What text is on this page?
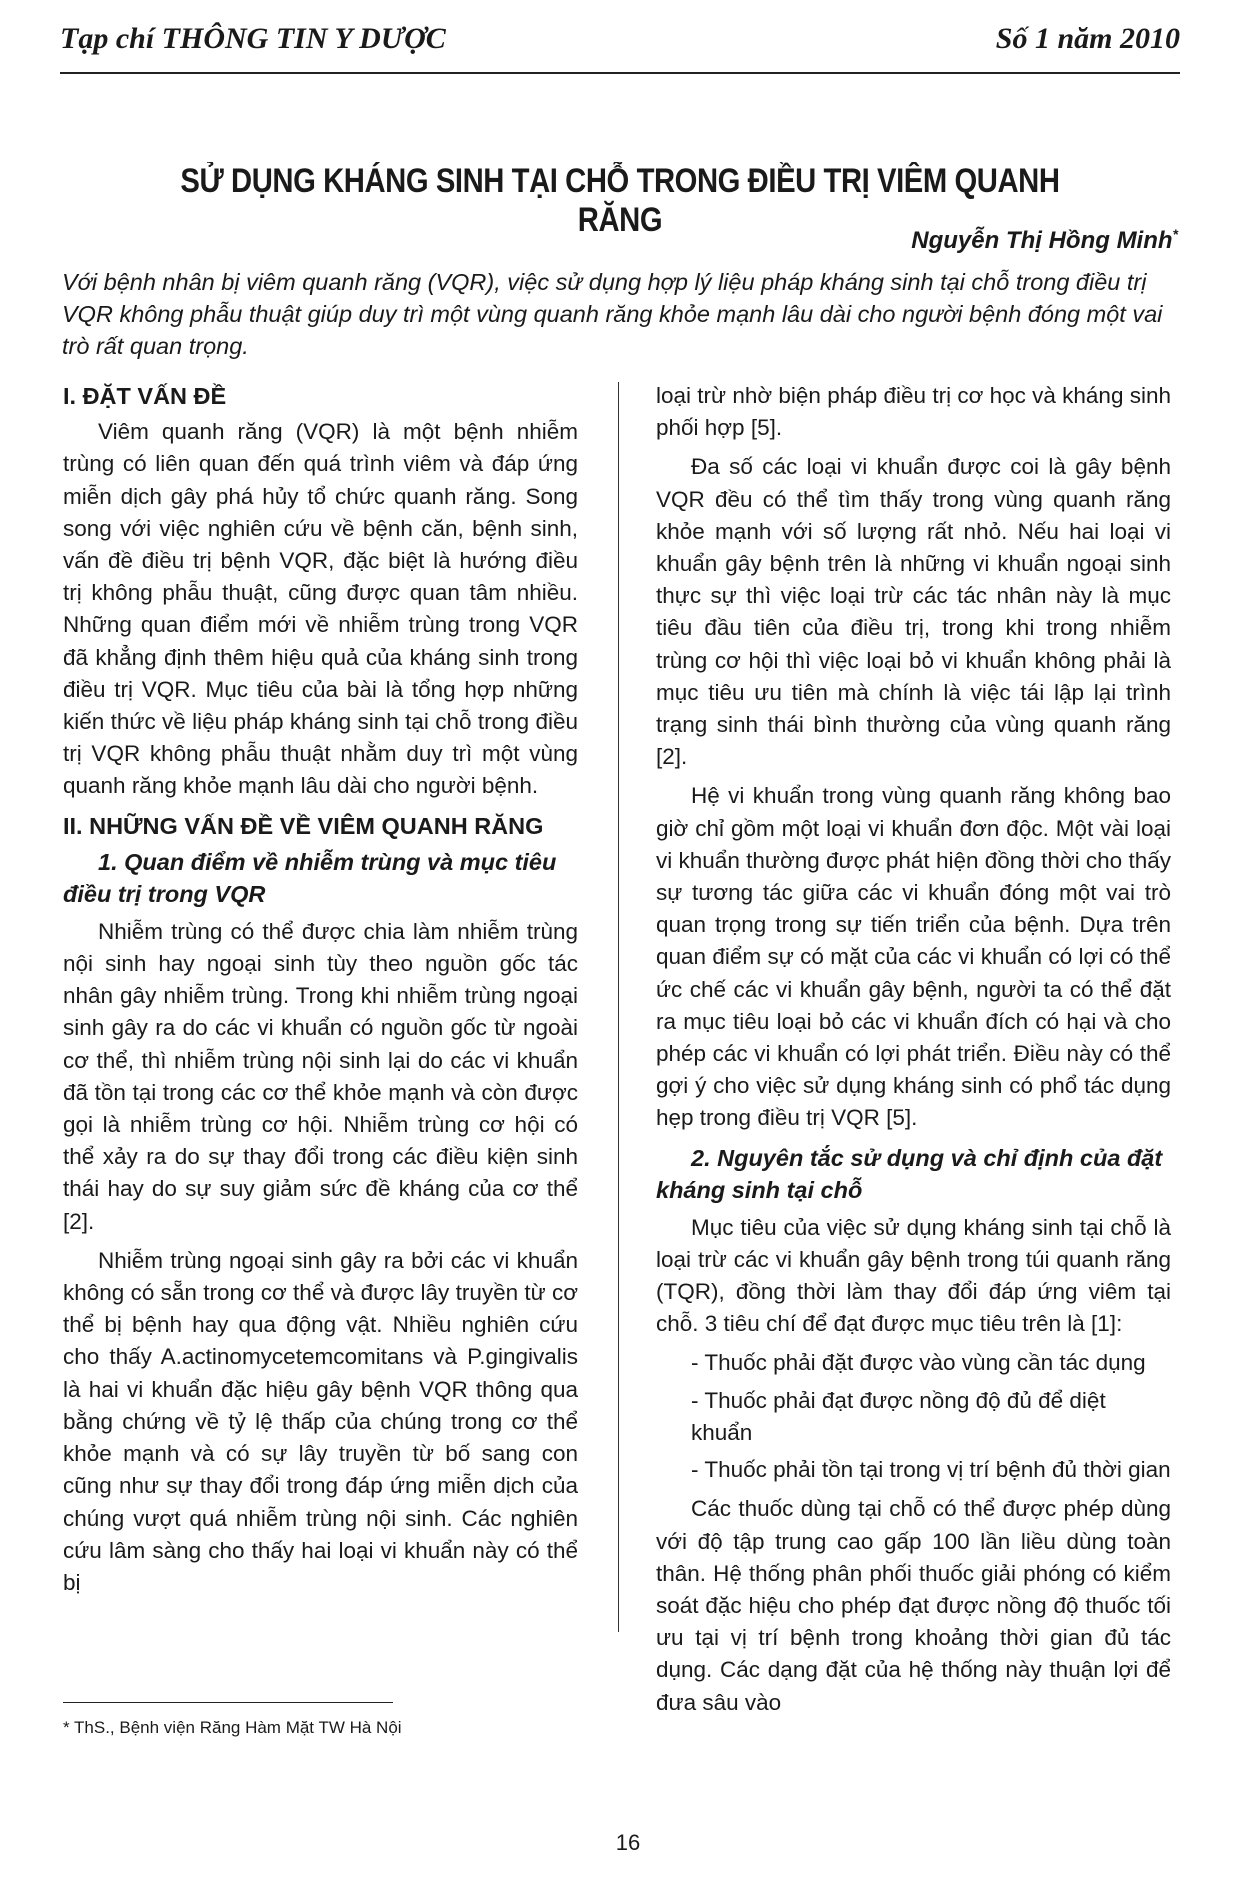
Tạp chí THÔNG TIN Y DƯỢC	Số 1 năm 2010
SỬ DỤNG KHÁNG SINH TẠI CHỖ TRONG ĐIỀU TRỊ VIÊM QUANH RĂNG
Nguyễn Thị Hồng Minh*
Với bệnh nhân bị viêm quanh răng (VQR), việc sử dụng hợp lý liệu pháp kháng sinh tại chỗ trong điều trị VQR không phẫu thuật giúp duy trì một vùng quanh răng khỏe mạnh lâu dài cho người bệnh đóng một vai trò rất quan trọng.
I. ĐẶT VẤN ĐỀ

Viêm quanh răng (VQR) là một bệnh nhiễm trùng có liên quan đến quá trình viêm và đáp ứng miễn dịch gây phá hủy tổ chức quanh răng. Song song với việc nghiên cứu về bệnh căn, bệnh sinh, vấn đề điều trị bệnh VQR, đặc biệt là hướng điều trị không phẫu thuật, cũng được quan tâm nhiều. Những quan điểm mới về nhiễm trùng trong VQR đã khẳng định thêm hiệu quả của kháng sinh trong điều trị VQR. Mục tiêu của bài là tổng hợp những kiến thức về liệu pháp kháng sinh tại chỗ trong điều trị VQR không phẫu thuật nhằm duy trì một vùng quanh răng khỏe mạnh lâu dài cho người bệnh.

II. NHỮNG VẤN ĐỀ VỀ VIÊM QUANH RĂNG
1. Quan điểm về nhiễm trùng và mục tiêu điều trị trong VQR

Nhiễm trùng có thể được chia làm nhiễm trùng nội sinh hay ngoại sinh tùy theo nguồn gốc tác nhân gây nhiễm trùng. Trong khi nhiễm trùng ngoại sinh gây ra do các vi khuẩn có nguồn gốc từ ngoài cơ thể, thì nhiễm trùng nội sinh lại do các vi khuẩn đã tồn tại trong các cơ thể khỏe mạnh và còn được gọi là nhiễm trùng cơ hội. Nhiễm trùng cơ hội có thể xảy ra do sự thay đổi trong các điều kiện sinh thái hay do sự suy giảm sức đề kháng của cơ thể [2].

Nhiễm trùng ngoại sinh gây ra bởi các vi khuẩn không có sẵn trong cơ thể và được lây truyền từ cơ thể bị bệnh hay qua động vật. Nhiều nghiên cứu cho thấy A.actinomycetemcomitans và P.gingivalis là hai vi khuẩn đặc hiệu gây bệnh VQR thông qua bằng chứng về tỷ lệ thấp của chúng trong cơ thể khỏe mạnh và có sự lây truyền từ bố sang con cũng như sự thay đổi trong đáp ứng miễn dịch của chúng vượt quá nhiễm trùng nội sinh. Các nghiên cứu lâm sàng cho thấy hai loại vi khuẩn này có thể bị

loại trừ nhờ biện pháp điều trị cơ học và kháng sinh phối hợp [5].

Đa số các loại vi khuẩn được coi là gây bệnh VQR đều có thể tìm thấy trong vùng quanh răng khỏe mạnh với số lượng rất nhỏ. Nếu hai loại vi khuẩn gây bệnh trên là những vi khuẩn ngoại sinh thực sự thì việc loại trừ các tác nhân này là mục tiêu đầu tiên của điều trị, trong khi trong nhiễm trùng cơ hội thì việc loại bỏ vi khuẩn không phải là mục tiêu ưu tiên mà chính là việc tái lập lại trình trạng sinh thái bình thường của vùng quanh răng [2].

Hệ vi khuẩn trong vùng quanh răng không bao giờ chỉ gồm một loại vi khuẩn đơn độc. Một vài loại vi khuẩn thường được phát hiện đồng thời cho thấy sự tương tác giữa các vi khuẩn đóng một vai trò quan trọng trong sự tiến triển của bệnh. Dựa trên quan điểm sự có mặt của các vi khuẩn có lợi có thể ức chế các vi khuẩn gây bệnh, người ta có thể đặt ra mục tiêu loại bỏ các vi khuẩn đích có hại và cho phép các vi khuẩn có lợi phát triển. Điều này có thể gợi ý cho việc sử dụng kháng sinh có phổ tác dụng hẹp trong điều trị VQR [5].

2. Nguyên tắc sử dụng và chỉ định của đặt kháng sinh tại chỗ

Mục tiêu của việc sử dụng kháng sinh tại chỗ là loại trừ các vi khuẩn gây bệnh trong túi quanh răng (TQR), đồng thời làm thay đổi đáp ứng viêm tại chỗ. 3 tiêu chí để đạt được mục tiêu trên là [1]:

- Thuốc phải đặt được vào vùng cần tác dụng
- Thuốc phải đạt được nồng độ đủ để diệt khuẩn
- Thuốc phải tồn tại trong vị trí bệnh đủ thời gian

Các thuốc dùng tại chỗ có thể được phép dùng với độ tập trung cao gấp 100 lần liều dùng toàn thân. Hệ thống phân phối thuốc giải phóng có kiểm soát đặc hiệu cho phép đạt được nồng độ thuốc tối ưu tại vị trí bệnh trong khoảng thời gian đủ tác dụng. Các dạng đặt của hệ thống này thuận lợi để đưa sâu vào

* ThS., Bệnh viện Răng Hàm Mặt TW Hà Nội
16
